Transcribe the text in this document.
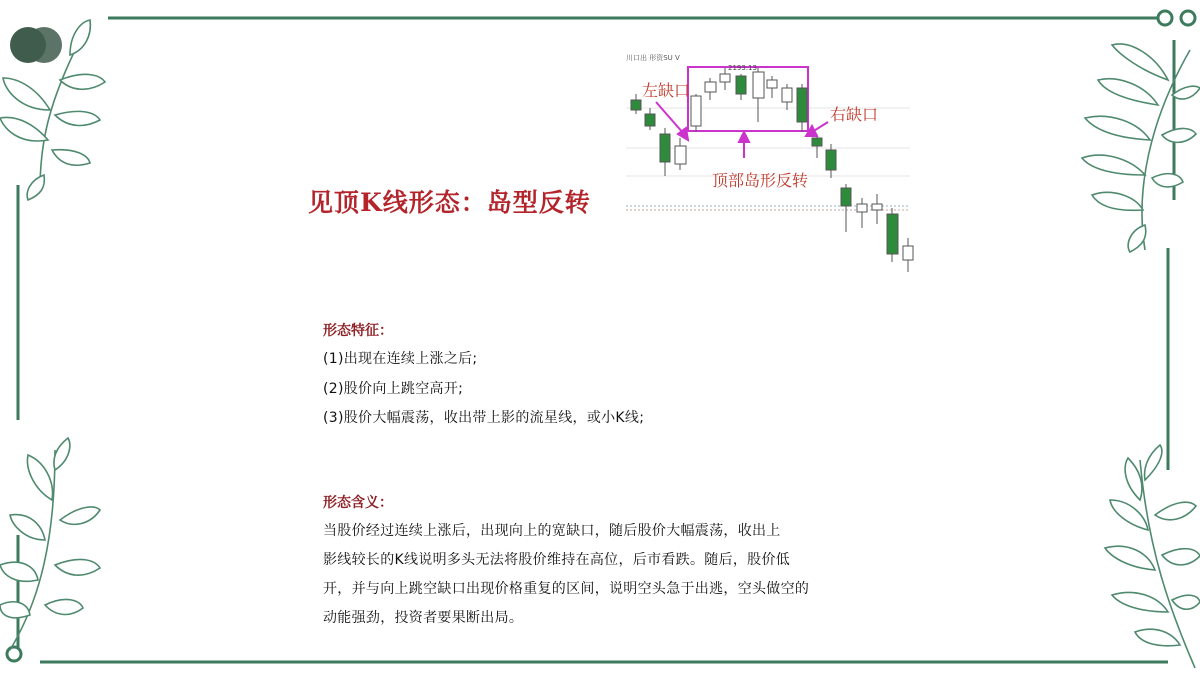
见顶K线形态：岛型反转
川口出 形资SU V
2193.13
左缺口
右缺口
顶部岛形反转
形态特征：
(1)出现在连续上涨之后;
(2)股价向上跳空高开;
(3)股价大幅震荡，收出带上影的流星线，或小K线;
形态含义：
当股价经过连续上涨后，出现向上的宽缺口，随后股价大幅震荡，收出上
影线较长的K线说明多头无法将股价维持在高位，后市看跌。随后，股价低
开，并与向上跳空缺口出现价格重复的区间，说明空头急于出逃，空头做空的
动能强劲，投资者要果断出局。
